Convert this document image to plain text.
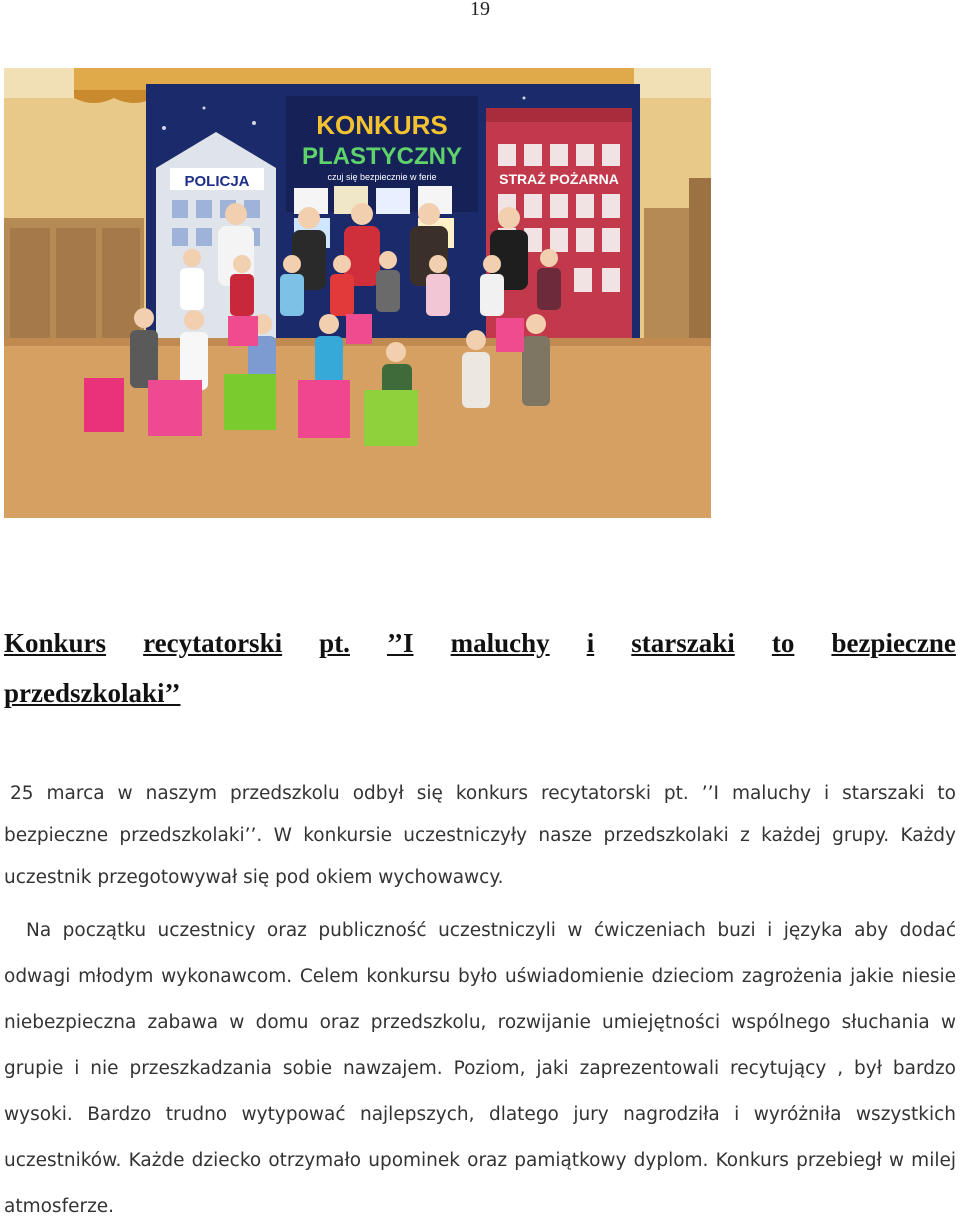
19
POLICJA
KONKURS
PLASTYCZNY
czuj się bezpiecznie w ferie	STRAŻ POŻARNA
Konkurs recytatorski pt. ’’I maluchy i starszaki to bezpieczne
przedszkolaki’’

25 marca w naszym przedszkolu odbył się konkurs recytatorski pt. ’’I maluchy i starszaki to bezpieczne przedszkolaki’’. W konkursie uczestniczyły nasze przedszkolaki z każdej grupy. Każdy uczestnik przegotowywał się pod okiem wychowawcy.

Na początku uczestnicy oraz publiczność uczestniczyli w ćwiczeniach buzi i języka aby dodać odwagi młodym wykonawcom. Celem konkursu było uświadomienie dzieciom zagrożenia jakie niesie niebezpieczna zabawa w domu oraz przedszkolu, rozwijanie umiejętności wspólnego słuchania w grupie i nie przeszkadzania sobie nawzajem. Poziom, jaki zaprezentowali recytujący , był bardzo wysoki. Bardzo trudno wytypować najlepszych, dlatego jury nagrodziła i wyróżniła wszystkich uczestników. Każde dziecko otrzymało upominek oraz pamiątkowy dyplom. Konkurs przebiegł w milej atmosferze.
